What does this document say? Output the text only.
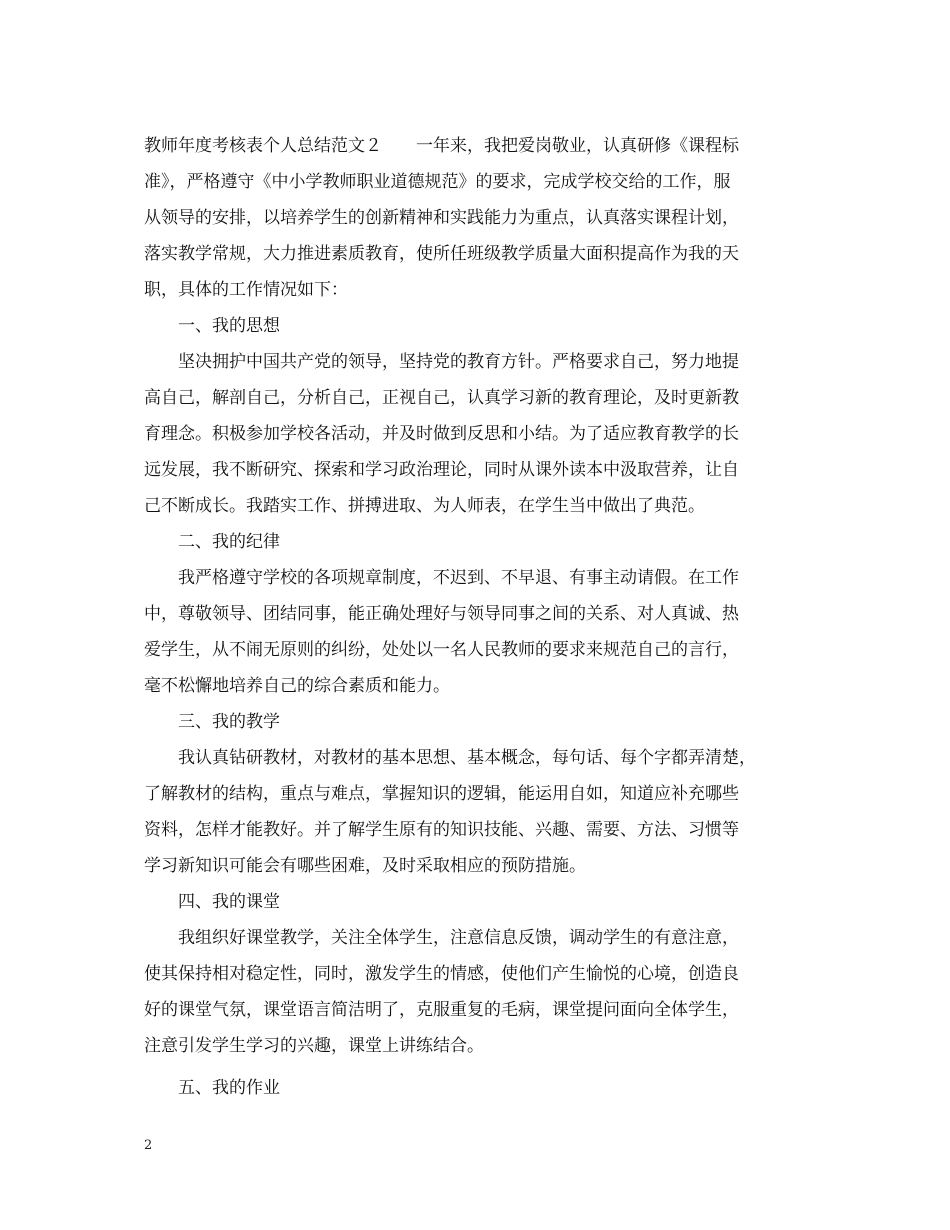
教师年度考核表个人总结范文２　　一年来，我把爱岗敬业，认真研修《课程标
准》，严格遵守《中小学教师职业道德规范》的要求，完成学校交给的工作，服
从领导的安排，以培养学生的创新精神和实践能力为重点，认真落实课程计划，
落实教学常规，大力推进素质教育，使所任班级教学质量大面积提高作为我的天
职，具体的工作情况如下：
一、我的思想
坚决拥护中国共产党的领导，坚持党的教育方针。严格要求自己，努力地提
高自己，解剖自己，分析自己，正视自己，认真学习新的教育理论，及时更新教
育理念。积极参加学校各活动，并及时做到反思和小结。为了适应教育教学的长
远发展，我不断研究、探索和学习政治理论，同时从课外读本中汲取营养，让自
己不断成长。我踏实工作、拼搏进取、为人师表，在学生当中做出了典范。
二、我的纪律
我严格遵守学校的各项规章制度，不迟到、不早退、有事主动请假。在工作
中，尊敬领导、团结同事，能正确处理好与领导同事之间的关系、对人真诚、热
爱学生，从不闹无原则的纠纷，处处以一名人民教师的要求来规范自己的言行，
毫不松懈地培养自己的综合素质和能力。
三、我的教学
我认真钻研教材，对教材的基本思想、基本概念，每句话、每个字都弄清楚，
了解教材的结构，重点与难点，掌握知识的逻辑，能运用自如，知道应补充哪些
资料，怎样才能教好。并了解学生原有的知识技能、兴趣、需要、方法、习惯等
学习新知识可能会有哪些困难，及时采取相应的预防措施。
四、我的课堂
我组织好课堂教学，关注全体学生，注意信息反馈，调动学生的有意注意，
使其保持相对稳定性，同时，激发学生的情感，使他们产生愉悦的心境，创造良
好的课堂气氛，课堂语言简洁明了，克服重复的毛病，课堂提问面向全体学生，
注意引发学生学习的兴趣，课堂上讲练结合。
五、我的作业
2
